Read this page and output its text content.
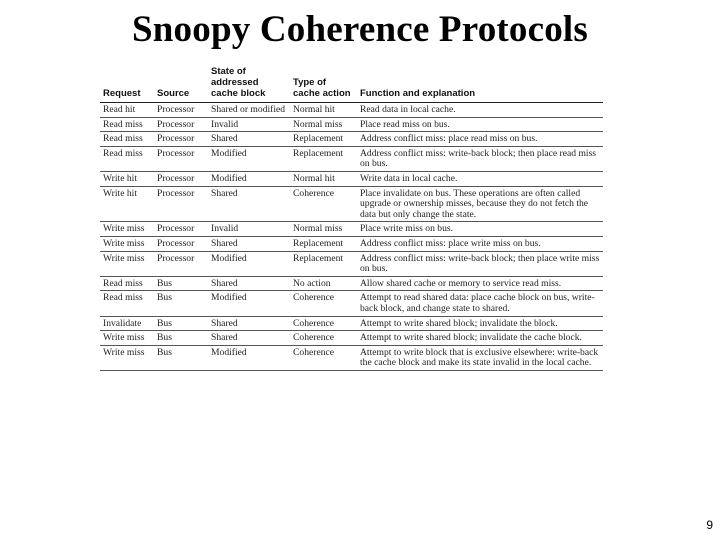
Snoopy Coherence Protocols
Request	Source	State of addressed cache block	Type of cache action	Function and explanation
Read hit	Processor	Shared or modified	Normal hit	Read data in local cache.
Read miss	Processor	Invalid	Normal miss	Place read miss on bus.
Read miss	Processor	Shared	Replacement	Address conflict miss: place read miss on bus.
Read miss	Processor	Modified	Replacement	Address conflict miss: write-back block; then place read miss on bus.
Write hit	Processor	Modified	Normal hit	Write data in local cache.
Write hit	Processor	Shared	Coherence	Place invalidate on bus. These operations are often called upgrade or ownership misses, because they do not fetch the data but only change the state.
Write miss	Processor	Invalid	Normal miss	Place write miss on bus.
Write miss	Processor	Shared	Replacement	Address conflict miss: place write miss on bus.
Write miss	Processor	Modified	Replacement	Address conflict miss: write-back block; then place write miss on bus.
Read miss	Bus	Shared	No action	Allow shared cache or memory to service read miss.
Read miss	Bus	Modified	Coherence	Attempt to read shared data: place cache block on bus, write-back block, and change state to shared.
Invalidate	Bus	Shared	Coherence	Attempt to write shared block; invalidate the block.
Write miss	Bus	Shared	Coherence	Attempt to write shared block; invalidate the cache block.
Write miss	Bus	Modified	Coherence	Attempt to write block that is exclusive elsewhere: write-back the cache block and make its state invalid in the local cache.
9
